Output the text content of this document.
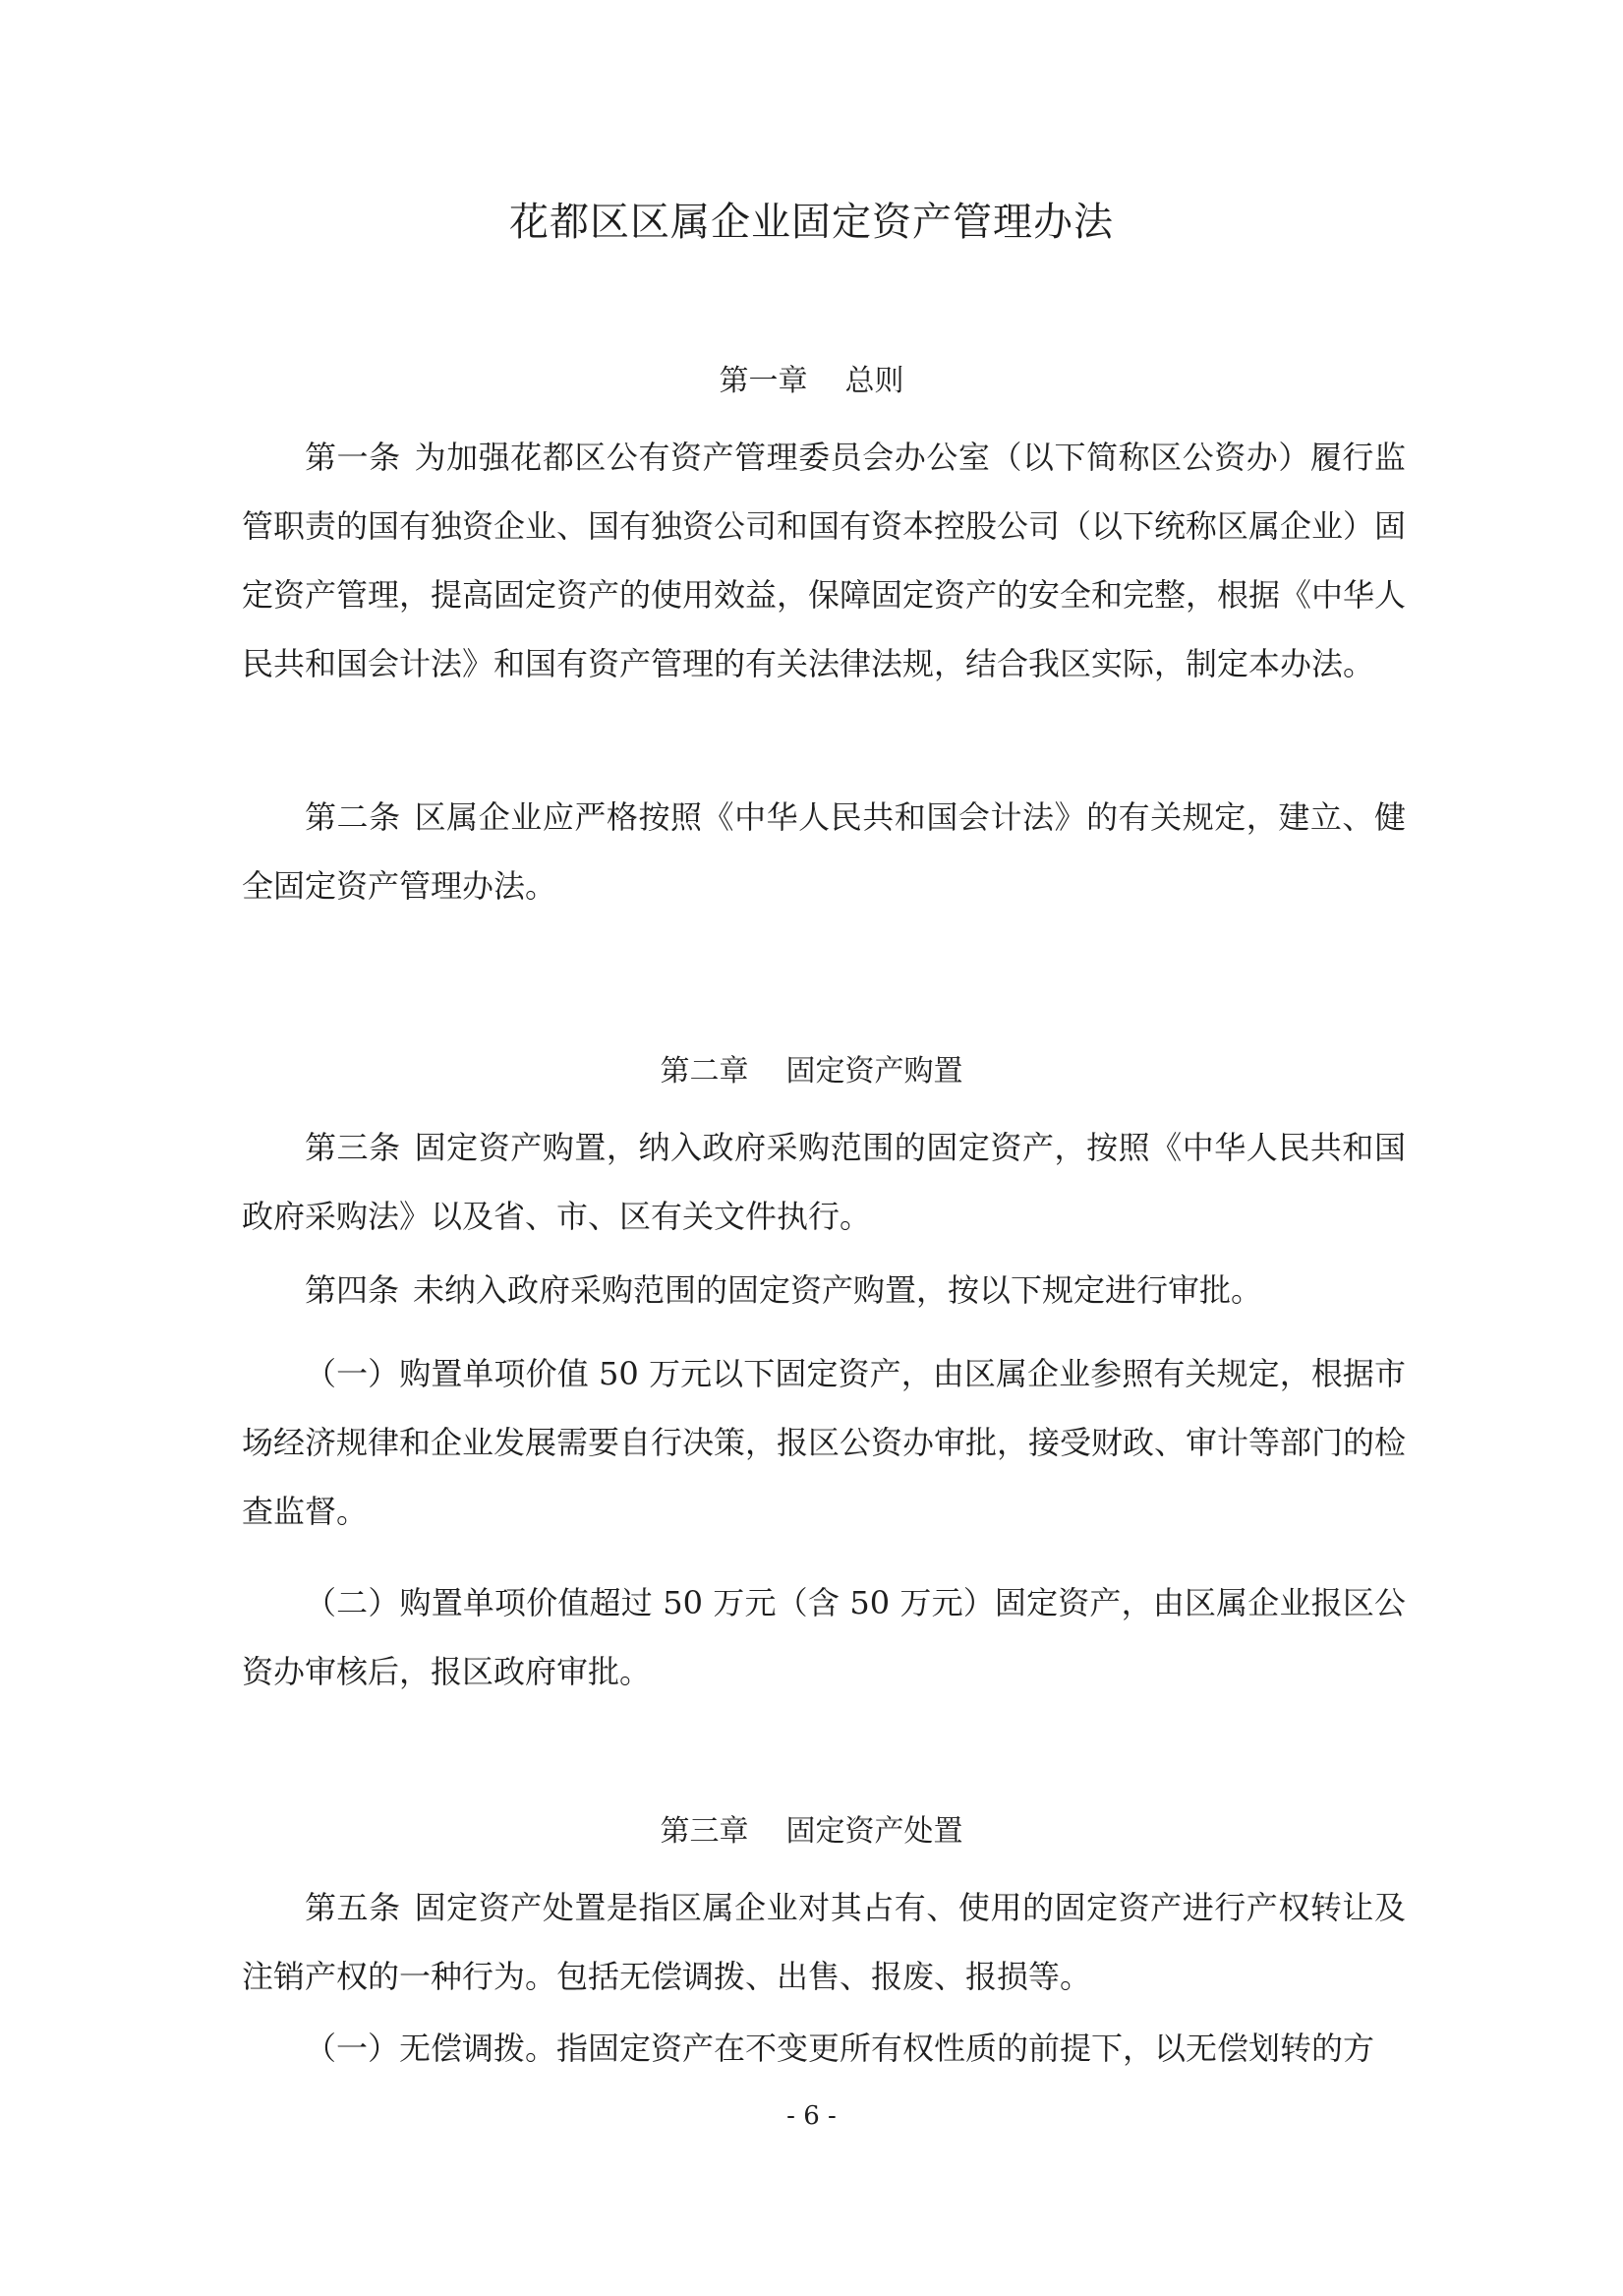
花都区区属企业固定资产管理办法
第一章 总则
第一条 为加强花都区公有资产管理委员会办公室（以下简称区公资办）履行监管职责的国有独资企业、国有独资公司和国有资本控股公司（以下统称区属企业）固定资产管理，提高固定资产的使用效益，保障固定资产的安全和完整，根据《中华人民共和国会计法》和国有资产管理的有关法律法规，结合我区实际，制定本办法。
第二条 区属企业应严格按照《中华人民共和国会计法》的有关规定，建立、健全固定资产管理办法。
第二章 固定资产购置
第三条 固定资产购置，纳入政府采购范围的固定资产，按照《中华人民共和国政府采购法》以及省、市、区有关文件执行。
第四条 未纳入政府采购范围的固定资产购置，按以下规定进行审批。
（一）购置单项价值 50 万元以下固定资产，由区属企业参照有关规定，根据市场经济规律和企业发展需要自行决策，报区公资办审批，接受财政、审计等部门的检查监督。
（二）购置单项价值超过 50 万元（含 50 万元）固定资产，由区属企业报区公资办审核后，报区政府审批。
第三章 固定资产处置
第五条 固定资产处置是指区属企业对其占有、使用的固定资产进行产权转让及注销产权的一种行为。包括无偿调拨、出售、报废、报损等。
（一）无偿调拨。指固定资产在不变更所有权性质的前提下，以无偿划转的方
- 6 -
